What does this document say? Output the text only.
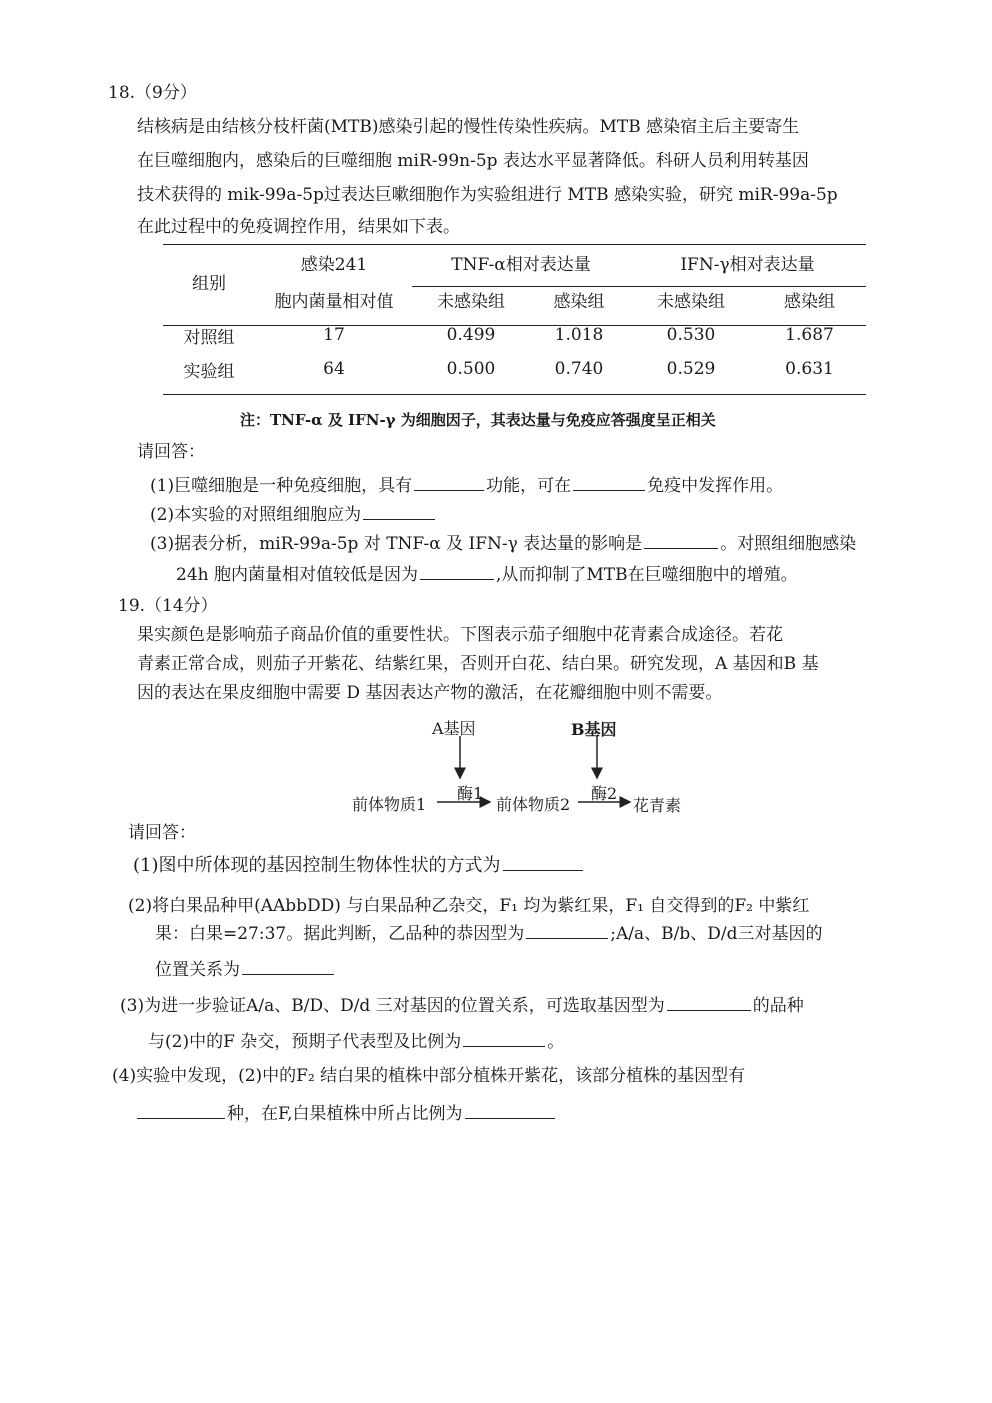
18.（9分）
结核病是由结核分枝杆菌(MTB)感染引起的慢性传染性疾病。MTB 感染宿主后主要寄生
在巨噬细胞内，感染后的巨噬细胞 miR-99n-5p 表达水平显著降低。科研人员利用转基因
技术获得的 mik-99a-5p过表达巨嗽细胞作为实验组进行 MTB 感染实验，研究 miR-99a-5p
在此过程中的免疫调控作用，结果如下表。
组别	感染241	TNF-α相对表达量		IFN-γ相对表达量	
	胞内菌量相对值	未感染组	感染组	未感染组	感染组
对照组	17	0.499	1.018	0.530	1.687
实验组	64	0.500	0.740	0.529	0.631
注：TNF-α 及 IFN-γ 为细胞因子，其表达量与免疫应答强度呈正相关
请回答：
(1)巨噬细胞是一种免疫细胞，具有	功能，可在	免疫中发挥作用。
(2)本实验的对照组细胞应为
(3)据表分析，miR-99a-5p 对 TNF-α 及 IFN-γ 表达量的影响是	。对照组细胞感染
24h 胞内菌量相对值较低是因为	,从而抑制了MTB在巨噬细胞中的增殖。
19.（14分）
果实颜色是影响茄子商品价值的重要性状。下图表示茄子细胞中花青素合成途径。若花
青素正常合成，则茄子开紫花、结紫红果，否则开白花、结白果。研究发现，A 基因和B 基
因的表达在果皮细胞中需要 D 基因表达产物的激活，在花瓣细胞中则不需要。
A基因	B基因
酶1	酶2
前体物质1	前体物质2	花青素
请回答：
(1)图中所体现的基因控制生物体性状的方式为
(2)将白果品种甲(AAbbDD) 与白果品种乙杂交，F₁ 均为紫红果，F₁ 自交得到的F₂ 中紫红
果：白果=27:37。据此判断，乙品种的恭因型为	;A/a、B/b、D/d三对基因的
位置关系为
(3)为进一步验证A/a、B/D、D/d 三对基因的位置关系，可选取基因型为	的品种
与(2)中的F 杂交，预期子代表型及比例为	。
(4)实验中发现，(2)中的F₂ 结白果的植株中部分植株开紫花，该部分植株的基因型有
种，在F,白果植株中所占比例为
